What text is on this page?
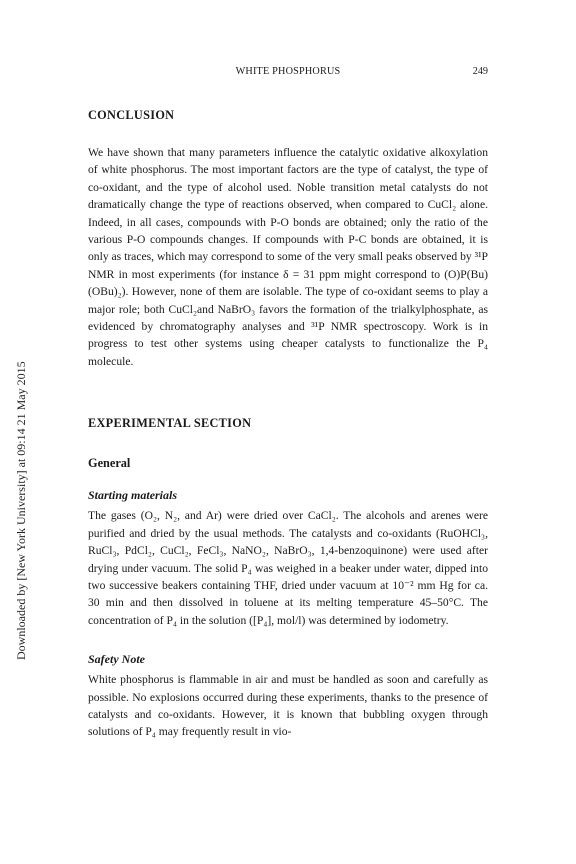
WHITE PHOSPHORUS	249
Downloaded by [New York University] at 09:14 21 May 2015
CONCLUSION

We have shown that many parameters influence the catalytic oxidative alkoxylation of white phosphorus. The most important factors are the type of catalyst, the type of co-oxidant, and the type of alcohol used. Noble transition metal catalysts do not dramatically change the type of reactions observed, when compared to CuCl₂ alone. Indeed, in all cases, compounds with P-O bonds are obtained; only the ratio of the various P-O compounds changes. If compounds with P-C bonds are obtained, it is only as traces, which may correspond to some of the very small peaks observed by ³¹P NMR in most experiments (for instance δ = 31 ppm might correspond to (O)P(Bu)(OBu)₂). However, none of them are isolable. The type of co-oxidant seems to play a major role; both CuCl₂and NaBrO₃ favors the formation of the trialkylphosphate, as evidenced by chromatography analyses and ³¹P NMR spectroscopy. Work is in progress to test other systems using cheaper catalysts to functionalize the P₄ molecule.

EXPERIMENTAL SECTION
General
Starting materials

The gases (O₂, N₂, and Ar) were dried over CaCl₂. The alcohols and arenes were purified and dried by the usual methods. The catalysts and co-oxidants (RuOHCl₃, RuCl₃, PdCl₂, CuCl₂, FeCl₃, NaNO₂, NaBrO₃, 1,4-benzoquinone) were used after drying under vacuum. The solid P₄ was weighed in a beaker under water, dipped into two successive beakers containing THF, dried under vacuum at 10⁻² mm Hg for ca. 30 min and then dissolved in toluene at its melting temperature 45–50°C. The concentration of P₄ in the solution ([P₄], mol/l) was determined by iodometry.

Safety Note

White phosphorus is flammable in air and must be handled as soon and carefully as possible. No explosions occurred during these experiments, thanks to the presence of catalysts and co-oxidants. However, it is known that bubbling oxygen through solutions of P₄ may frequently result in vio-
